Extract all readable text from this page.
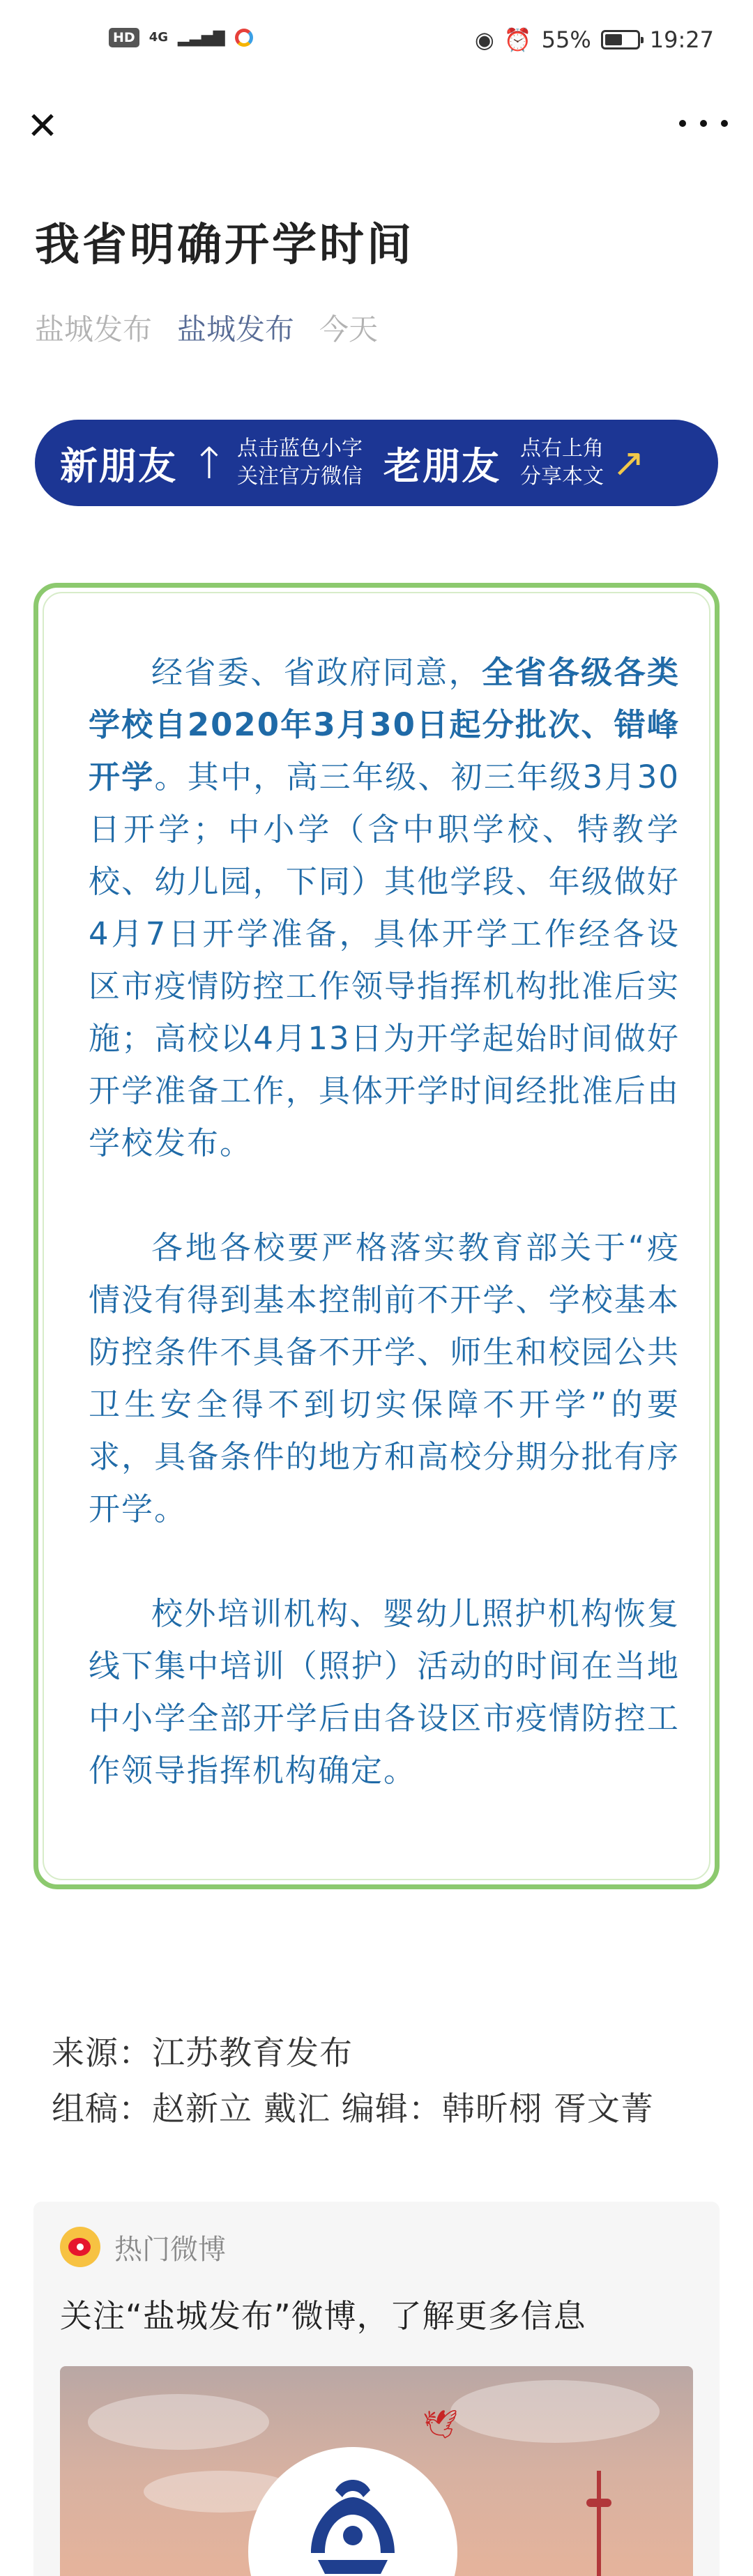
HD	4G ▂▃▅▇	◉ ⏰ 55%	19:27
✕
我省明确开学时间
盐城发布 盐城发布 今天
新朋友 ↑ 点击蓝色小字
关注官方微信 老朋友 点右上角
分享本文 ↗

经省委、省政府同意，全省各级各类学校自2020年3月30日起分批次、错峰开学。其中，高三年级、初三年级3月30日开学；中小学（含中职学校、特教学校、幼儿园，下同）其他学段、年级做好4月7日开学准备，具体开学工作经各设区市疫情防控工作领导指挥机构批准后实施；高校以4月13日为开学起始时间做好开学准备工作，具体开学时间经批准后由学校发布。

各地各校要严格落实教育部关于“疫情没有得到基本控制前不开学、学校基本防控条件不具备不开学、师生和校园公共卫生安全得不到切实保障不开学”的要求，具备条件的地方和高校分期分批有序开学。

校外培训机构、婴幼儿照护机构恢复线下集中培训（照护）活动的时间在当地中小学全部开学后由各设区市疫情防控工作领导指挥机构确定。

来源：江苏教育发布
组稿：赵新立 戴汇 编辑：韩昕栩 胥文菁
热门微博
关注“盐城发布”微博，了解更多信息
🕊
